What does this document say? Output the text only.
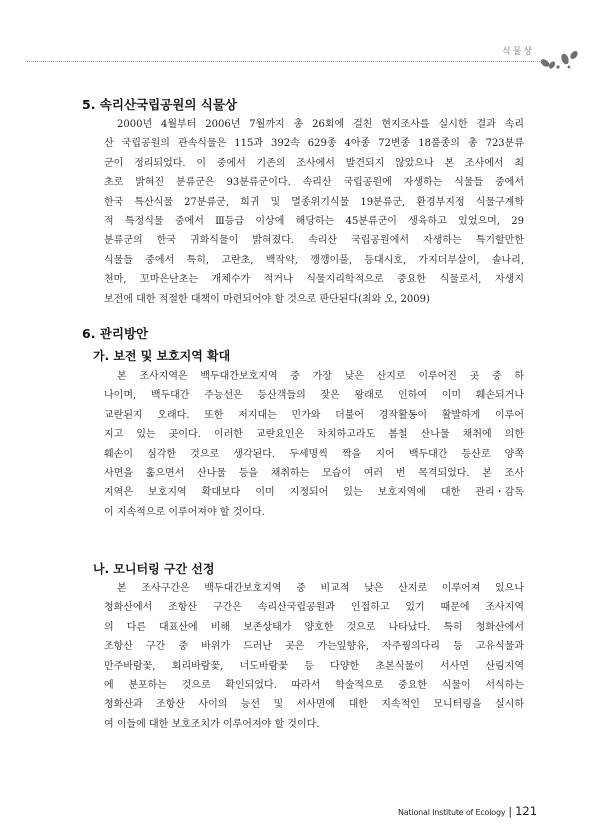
식물상
5. 속리산국립공원의 식물상
2000년 4월부터 2006년 7월까지 총 26회에 걸친 현지조사를 실시한 결과 속리
산 국립공원의 관속식물은 115과 392속 629종 4아종 72변종 18품종의 총 723분류
군이 정리되었다. 이 중에서 기존의 조사에서 발견되지 않았으나 본 조사에서 최
초로 밝혀진 분류군은 93분류군이다. 속리산 국립공원에 자생하는 식물들 중에서
한국 특산식물 27분류군, 희귀 및 멸종위기식물 19분류군, 환경부지정 식물구계학
적 특정식물 중에서 Ⅲ등급 이상에 해당하는 45분류군이 생육하고 있었으며, 29
분류군의 한국 귀화식물이 밝혀졌다. 속리산 국립공원에서 자생하는 특기할만한
식물들 중에서 특히, 고란초, 백작약, 깽깽이풀, 등대시호, 가지더부살이, 솔나리,
천마, 꼬마은난초는 개체수가 적거나 식물지리학적으로 중요한 식물로서, 자생지
보전에 대한 적절한 대책이 마련되어야 할 것으로 판단된다(최와 오, 2009)
6. 관리방안
가. 보전 및 보호지역 확대
본 조사지역은 백두대간보호지역 중 가장 낮은 산지로 이루어진 곳 중 하
나이며, 백두대간 주능선은 등산객들의 잦은 왕래로 인하여 이미 훼손되거나
교란된지 오래다. 또한 저지대는 민가와 더불어 경작활동이 활발하게 이루어
지고 있는 곳이다. 이러한 교란요인은 차치하고라도 봄철 산나물 채취에 의한
훼손이 심각한 것으로 생각된다. 두세명씩 짝을 지어 백두대간 등산로 양쪽
사면을 훑으면서 산나물 등을 채취하는 모습이 여러 번 목격되었다. 본 조사
지역은 보호지역 확대보다 이미 지정되어 있는 보호지역에 대한 관리・감독
이 지속적으로 이루어져야 할 것이다.
나. 모니터링 구간 선정
본 조사구간은 백두대간보호지역 중 비교적 낮은 산지로 이루어져 있으나
청화산에서 조항산 구간은 속리산국립공원과 인접하고 있기 때문에 조사지역
의 다른 대표산에 비해 보존상태가 양호한 것으로 나타났다. 특히 청화산에서
조항산 구간 중 바위가 드러난 곳은 가는잎향유, 자주꿩의다리 등 고유식물과
만주바람꽃, 회리바람꽃, 너도바람꽃 등 다양한 초본식물이 서사면 산림지역
에 분포하는 것으로 확인되었다. 따라서 학술적으로 중요한 식물이 서식하는
청화산과 조항산 사이의 능선 및 서사면에 대한 지속적인 모니터링을 실시하
여 이들에 대한 보호조치가 이루어져야 할 것이다.
National Institute of Ecology | 121
